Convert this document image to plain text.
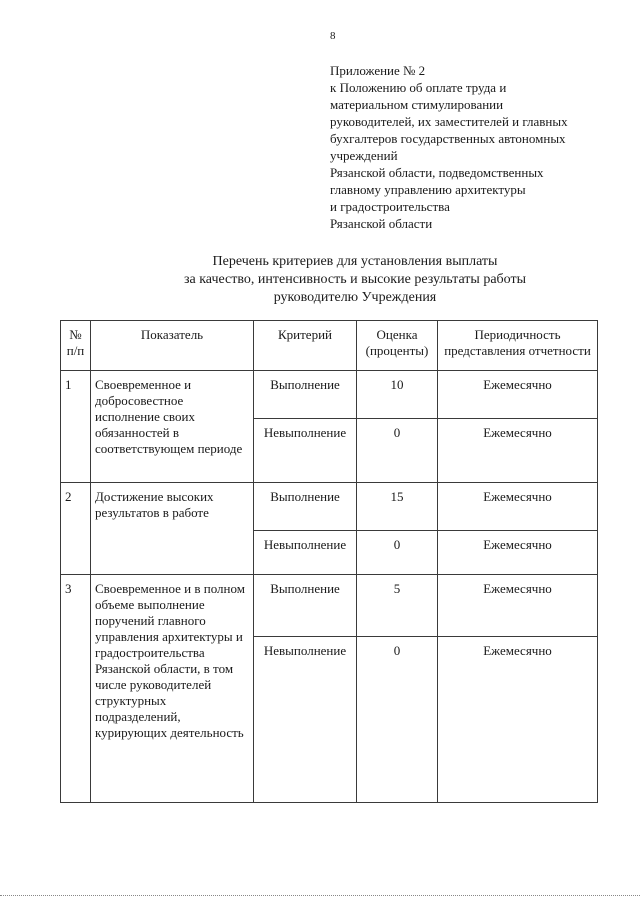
8
Приложение № 2
к Положению об оплате труда и
материальном стимулировании
руководителей, их заместителей и главных
бухгалтеров государственных автономных
учреждений
Рязанской области, подведомственных
главному управлению архитектуры
и градостроительства
Рязанской области
Перечень критериев для установления выплаты
за качество, интенсивность и высокие результаты работы
руководителю Учреждения
№ п/п	Показатель	Критерий	Оценка (проценты)	Периодичность представления отчетности
1	Своевременное и добросовестное исполнение своих обязанностей в соответствующем периоде	Выполнение	10	Ежемесячно
		Невыполнение	0	Ежемесячно
2	Достижение высоких результатов в работе	Выполнение	15	Ежемесячно
		Невыполнение	0	Ежемесячно
3	Своевременное и в полном объеме выполнение поручений главного управления архитектуры и градостроительства Рязанской области, в том числе руководителей структурных подразделений, курирующих деятельность	Выполнение	5	Ежемесячно
		Невыполнение	0	Ежемесячно
